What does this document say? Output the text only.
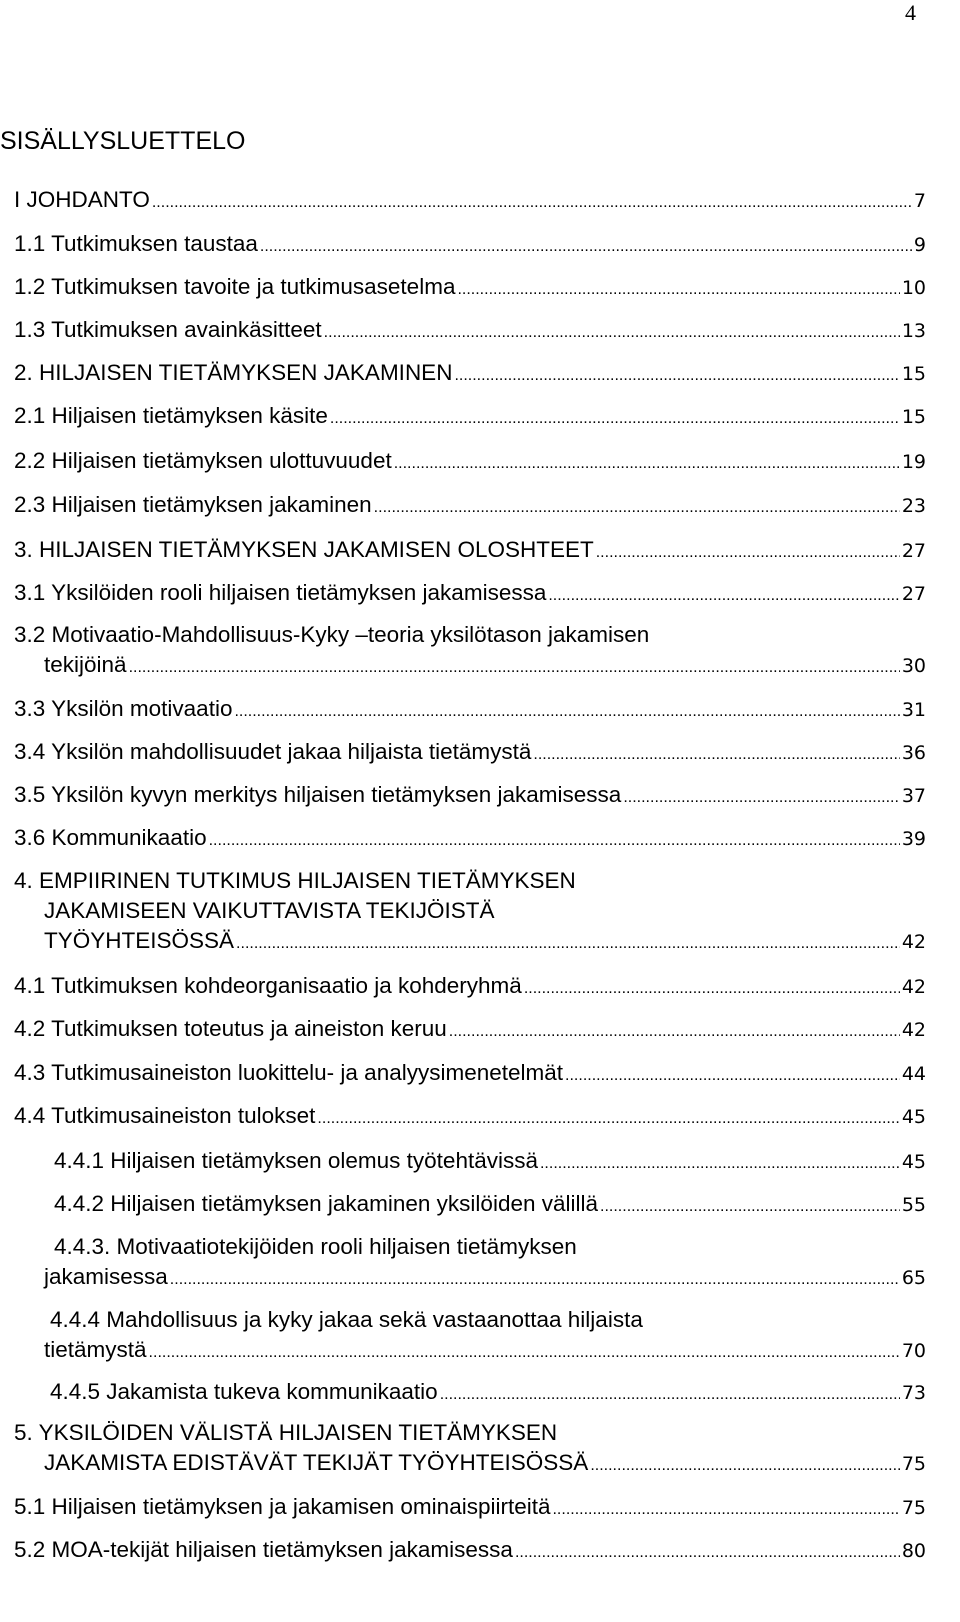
4
SISÄLLYSLUETTELO
I JOHDANTO .....	7
1.1 Tutkimuksen taustaa .....	9
1.2 Tutkimuksen tavoite ja tutkimusasetelma .....	10
1.3 Tutkimuksen avainkäsitteet .....	13
2. HILJAISEN TIETÄMYKSEN JAKAMINEN .....	15
2.1 Hiljaisen tietämyksen käsite .....	15
2.2 Hiljaisen tietämyksen ulottuvuudet .....	19
2.3 Hiljaisen tietämyksen jakaminen .....	23
3. HILJAISEN TIETÄMYKSEN JAKAMISEN OLOSHTEET .....	27
3.1 Yksilöiden rooli hiljaisen tietämyksen jakamisessa .....	27
3.2 Motivaatio-Mahdollisuus-Kyky –teoria yksilötason jakamisen
tekijöinä .....	30
3.3 Yksilön motivaatio .....	31
3.4 Yksilön mahdollisuudet jakaa hiljaista tietämystä .....	36
3.5 Yksilön kyvyn merkitys hiljaisen tietämyksen jakamisessa .....	37
3.6 Kommunikaatio .....	39
4. EMPIIRINEN TUTKIMUS HILJAISEN TIETÄMYKSEN
JAKAMISEEN VAIKUTTAVISTA TEKIJÖISTÄ
TYÖYHTEISÖSSÄ .....	42
4.1 Tutkimuksen kohdeorganisaatio ja kohderyhmä .....	42
4.2 Tutkimuksen toteutus ja aineiston keruu .....	42
4.3 Tutkimusaineiston luokittelu- ja analyysimenetelmät .....	44
4.4 Tutkimusaineiston tulokset .....	45
4.4.1 Hiljaisen tietämyksen olemus työtehtävissä .....	45
4.4.2 Hiljaisen tietämyksen jakaminen yksilöiden välillä .....	55
4.4.3. Motivaatiotekijöiden rooli hiljaisen tietämyksen
jakamisessa .....	65
4.4.4 Mahdollisuus ja kyky jakaa sekä vastaanottaa hiljaista
tietämystä .....	70
4.4.5 Jakamista tukeva kommunikaatio .....	73
5. YKSILÖIDEN VÄLISTÄ HILJAISEN TIETÄMYKSEN
JAKAMISTA EDISTÄVÄT TEKIJÄT TYÖYHTEISÖSSÄ .....	75
5.1 Hiljaisen tietämyksen ja jakamisen ominaispiirteitä .....	75
5.2 MOA-tekijät hiljaisen tietämyksen jakamisessa .....	80
